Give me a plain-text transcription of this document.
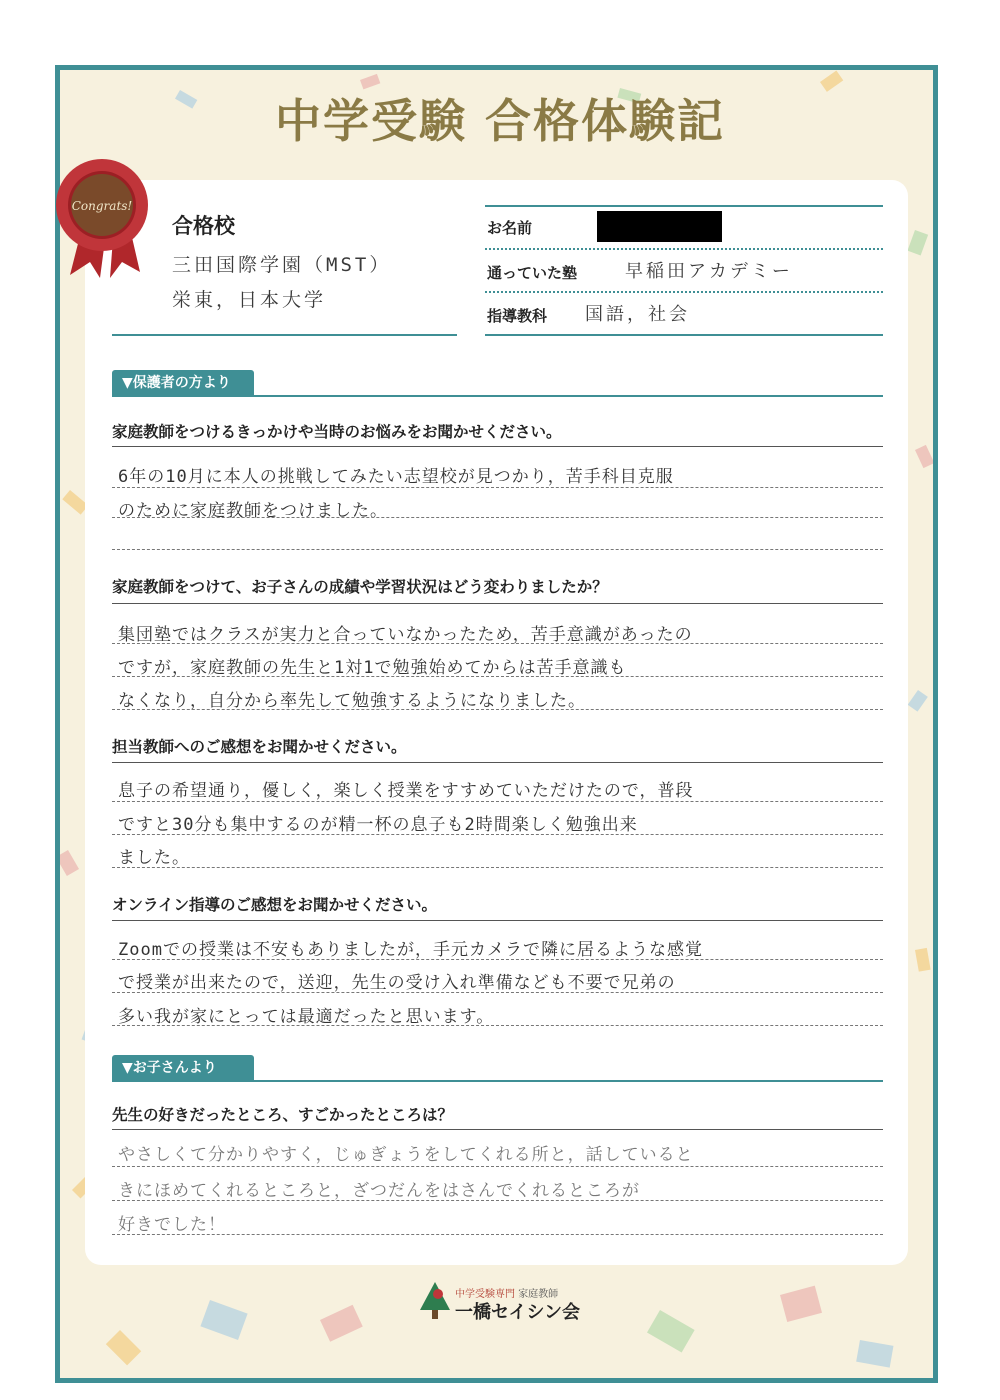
中学受験 合格体験記
Congrats!
合格校
三田国際学園（MST）
栄東，日本大学
お名前
通っていた塾	早稲田アカデミー
指導教科 国語，社会
▼保護者の方より
家庭教師をつけるきっかけや当時のお悩みをお聞かせください。
6年の10月に本人の挑戦してみたい志望校が見つかり，苦手科目克服
のために家庭教師をつけました。
家庭教師をつけて、お子さんの成績や学習状況はどう変わりましたか？
集団塾ではクラスが実力と合っていなかったため，苦手意識があったの
ですが，家庭教師の先生と1対1で勉強始めてからは苦手意識も
なくなり，自分から率先して勉強するようになりました。
担当教師へのご感想をお聞かせください。
息子の希望通り，優しく，楽しく授業をすすめていただけたので，普段
ですと30分も集中するのが精一杯の息子も2時間楽しく勉強出来
ました。
オンライン指導のご感想をお聞かせください。
Zoomでの授業は不安もありましたが，手元カメラで隣に居るような感覚
で授業が出来たので，送迎，先生の受け入れ準備なども不要で兄弟の
多い我が家にとっては最適だったと思います。
▼お子さんより
先生の好きだったところ、すごかったところは？
やさしくて分かりやすく，じゅぎょうをしてくれる所と，話していると
きにほめてくれるところと，ざつだんをはさんでくれるところが
好きでした！
中学受験専門 家庭教師
一橋セイシン会
